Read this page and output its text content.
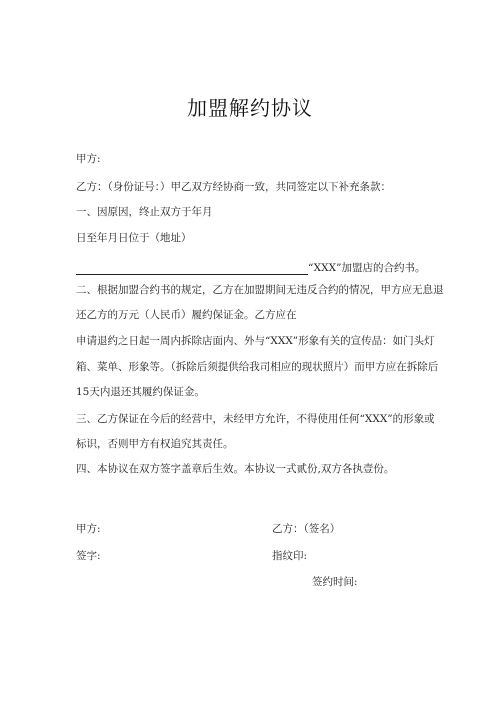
加盟解约协议
甲方:
乙方：（身份证号：）甲乙双方经协商一致，共同签定以下补充条款：
一、因原因，终止双方于年月
日至年月日位于（地址）
“XXX”加盟店的合约书。
二、根据加盟合约书的规定，乙方在加盟期间无违反合约的情况，甲方应无息退
还乙方的万元（人民币）履约保证金。乙方应在
申请退约之日起一周内拆除店面内、外与“XXX”形象有关的宣传品：如门头灯
箱、菜单、形象等。（拆除后须提供给我司相应的现状照片）而甲方应在拆除后
15天内退还其履约保证金。
三、乙方保证在今后的经营中，未经甲方允许，不得使用任何“XXX”的形象或
标识，否则甲方有权追究其责任。
四、本协议在双方签字盖章后生效。本协议一式贰份,双方各执壹份。
甲方:	乙方：（签名）
签字:	指纹印:
签约时间:
